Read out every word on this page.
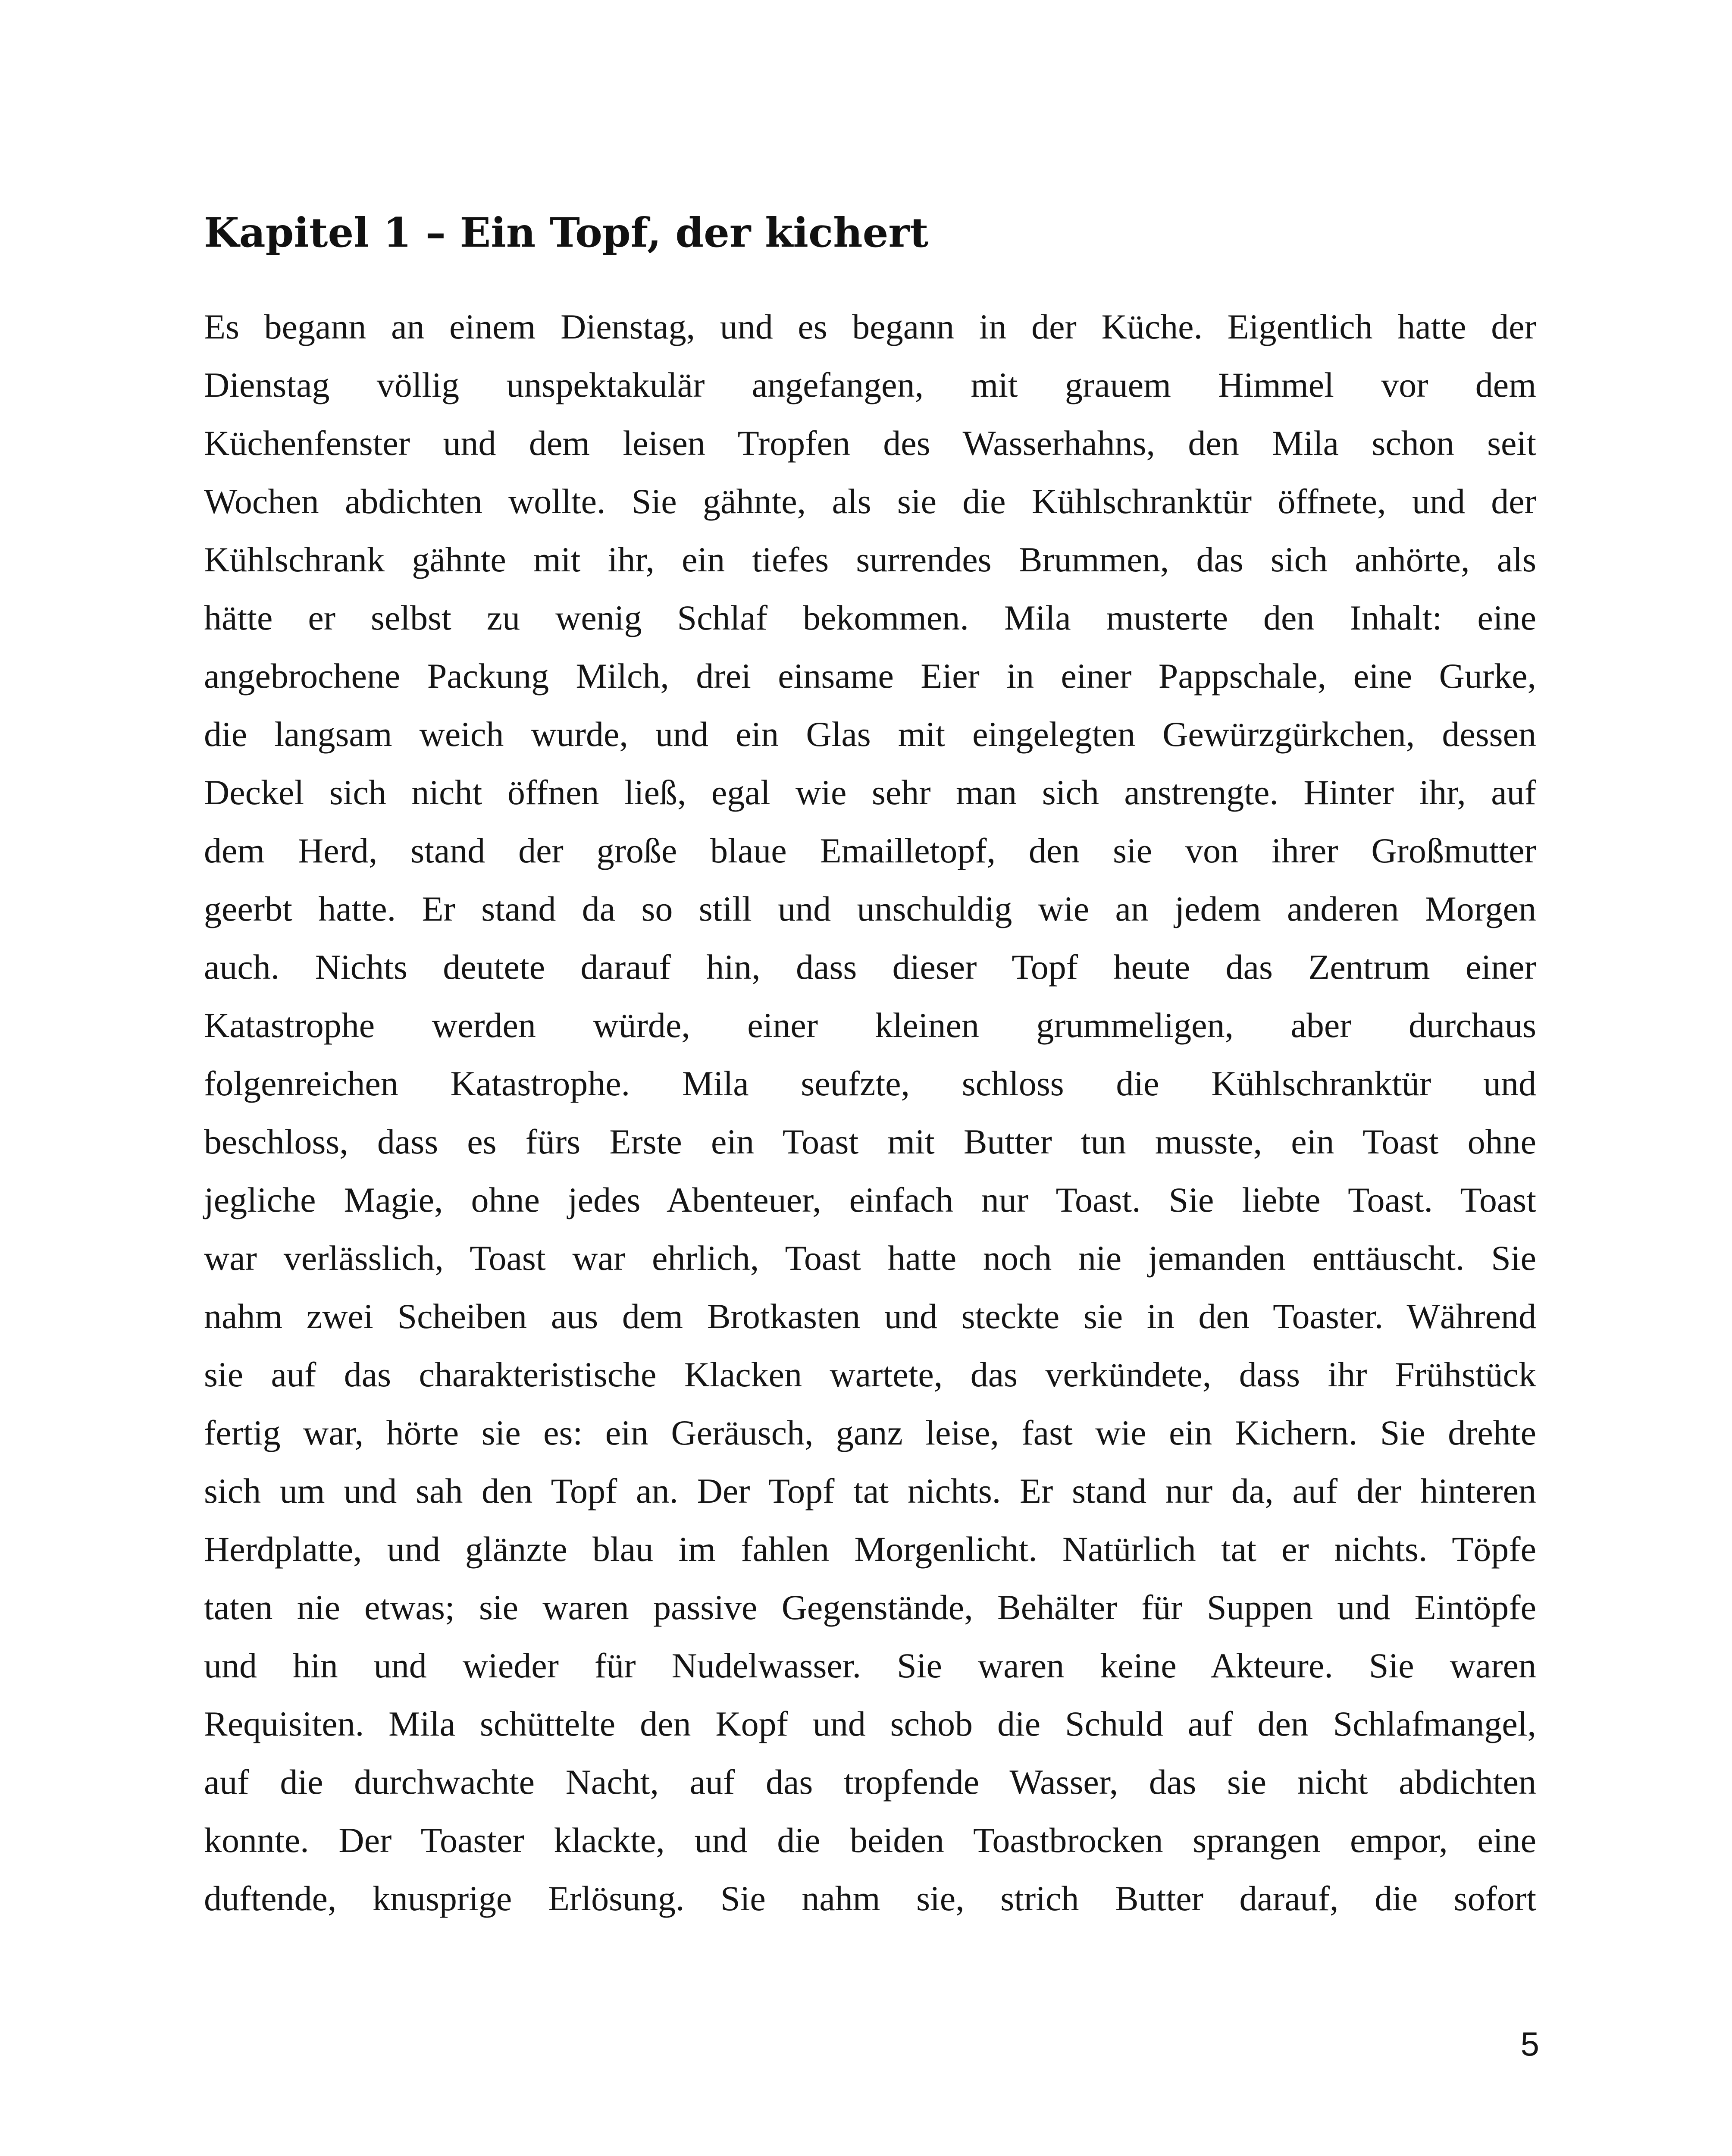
Kapitel 1 – Ein Topf, der kichert
Es begann an einem Dienstag, und es begann in der Küche. Eigentlich hatte der
Dienstag völlig unspektakulär angefangen, mit grauem Himmel vor dem
Küchenfenster und dem leisen Tropfen des Wasserhahns, den Mila schon seit
Wochen abdichten wollte. Sie gähnte, als sie die Kühlschranktür öffnete, und der
Kühlschrank gähnte mit ihr, ein tiefes surrendes Brummen, das sich anhörte, als
hätte er selbst zu wenig Schlaf bekommen. Mila musterte den Inhalt: eine
angebrochene Packung Milch, drei einsame Eier in einer Pappschale, eine Gurke,
die langsam weich wurde, und ein Glas mit eingelegten Gewürzgürkchen, dessen
Deckel sich nicht öffnen ließ, egal wie sehr man sich anstrengte. Hinter ihr, auf
dem Herd, stand der große blaue Emailletopf, den sie von ihrer Großmutter
geerbt hatte. Er stand da so still und unschuldig wie an jedem anderen Morgen
auch. Nichts deutete darauf hin, dass dieser Topf heute das Zentrum einer
Katastrophe werden würde, einer kleinen grummeligen, aber durchaus
folgenreichen Katastrophe. Mila seufzte, schloss die Kühlschranktür und
beschloss, dass es fürs Erste ein Toast mit Butter tun musste, ein Toast ohne
jegliche Magie, ohne jedes Abenteuer, einfach nur Toast. Sie liebte Toast. Toast
war verlässlich, Toast war ehrlich, Toast hatte noch nie jemanden enttäuscht. Sie
nahm zwei Scheiben aus dem Brotkasten und steckte sie in den Toaster. Während
sie auf das charakteristische Klacken wartete, das verkündete, dass ihr Frühstück
fertig war, hörte sie es: ein Geräusch, ganz leise, fast wie ein Kichern. Sie drehte
sich um und sah den Topf an. Der Topf tat nichts. Er stand nur da, auf der hinteren
Herdplatte, und glänzte blau im fahlen Morgenlicht. Natürlich tat er nichts. Töpfe
taten nie etwas; sie waren passive Gegenstände, Behälter für Suppen und Eintöpfe
und hin und wieder für Nudelwasser. Sie waren keine Akteure. Sie waren
Requisiten. Mila schüttelte den Kopf und schob die Schuld auf den Schlafmangel,
auf die durchwachte Nacht, auf das tropfende Wasser, das sie nicht abdichten
konnte. Der Toaster klackte, und die beiden Toastbrocken sprangen empor, eine
duftende, knusprige Erlösung. Sie nahm sie, strich Butter darauf, die sofort
5
